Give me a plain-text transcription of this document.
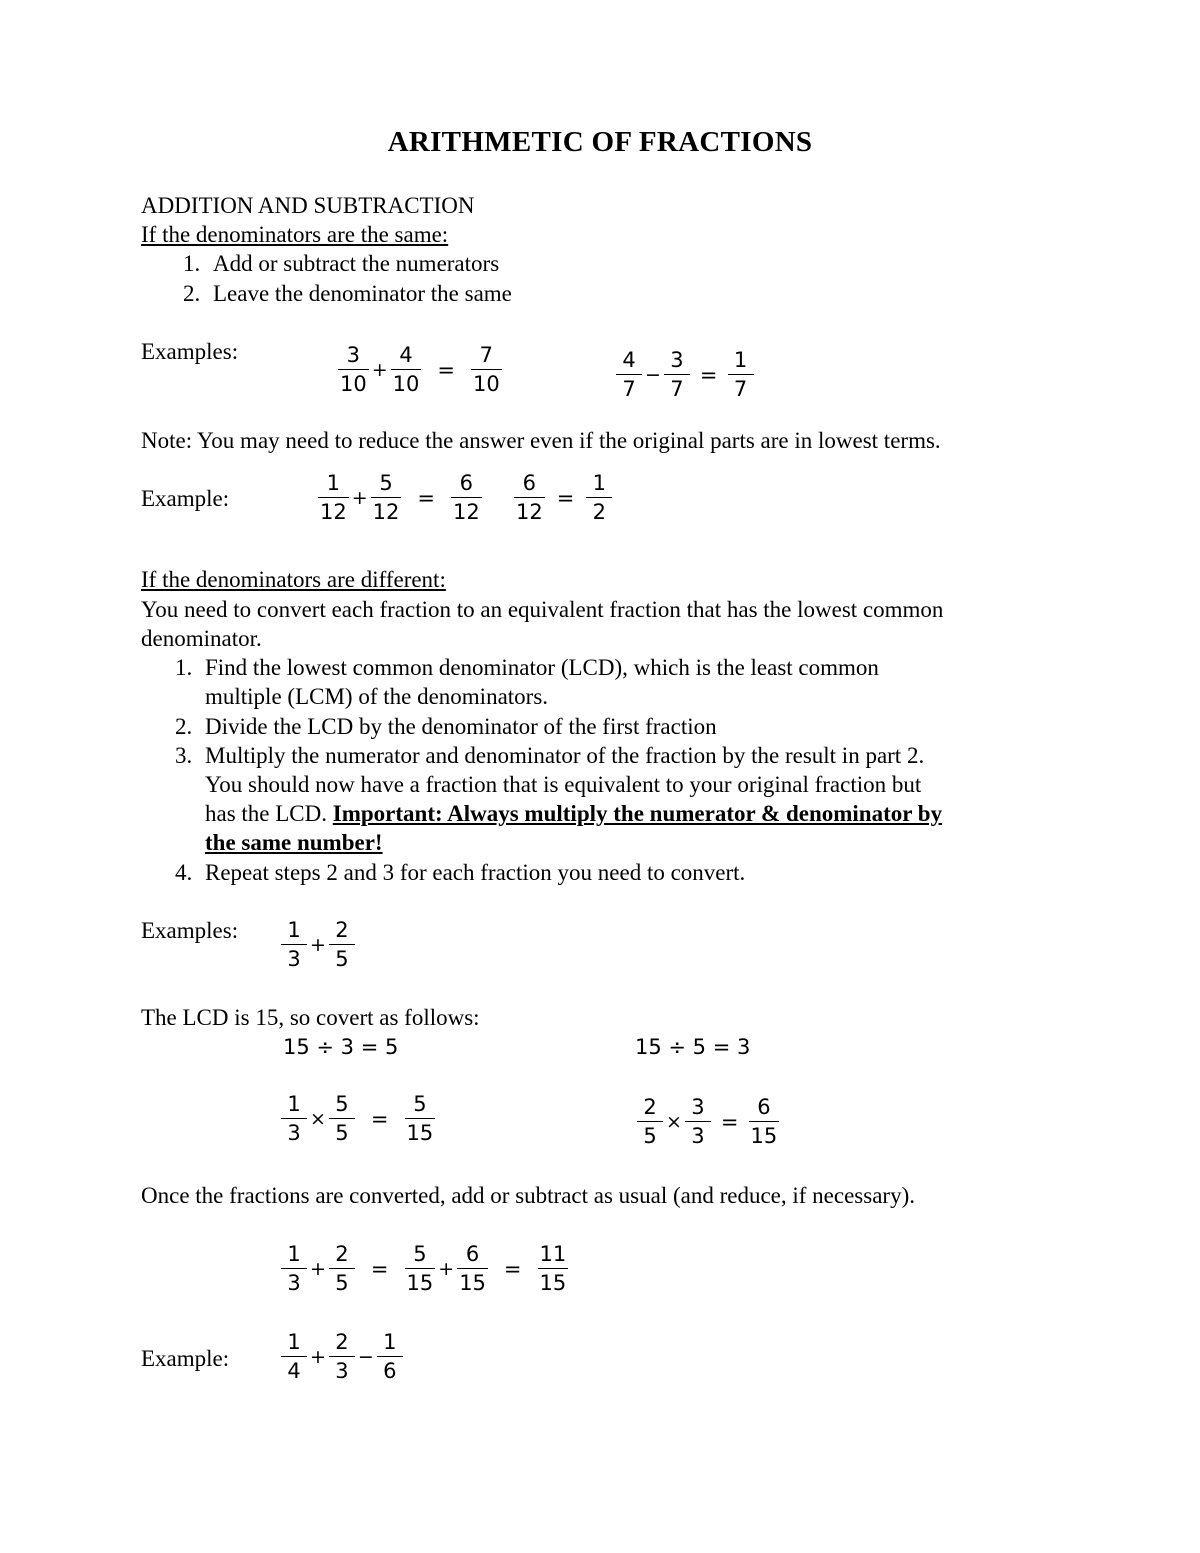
ARITHMETIC OF FRACTIONS
ADDITION AND SUBTRACTION
If the denominators are the same:
1. Add or subtract the numerators
2. Leave the denominator the same
Examples:	$\frac{3}{10} + \frac{4}{10} = \frac{7}{10}$	$\frac{4}{7} - \frac{3}{7} = \frac{1}{7}$
Note: You may need to reduce the answer even if the original parts are in lowest terms.
Example:	$\frac{1}{12} + \frac{5}{12} = \frac{6}{12} \frac{6}{12} = \frac{1}{2}$
If the denominators are different:
You need to convert each fraction to an equivalent fraction that has the lowest common
denominator.
1. Find the lowest common denominator (LCD), which is the least common
multiple (LCM) of the denominators.
2. Divide the LCD by the denominator of the first fraction
3. Multiply the numerator and denominator of the fraction by the result in part 2.
You should now have a fraction that is equivalent to your original fraction but
has the LCD. Important: Always multiply the numerator & denominator by
the same number!
4. Repeat steps 2 and 3 for each fraction you need to convert.
Examples: $\frac{1}{3} + \frac{2}{5}$
The LCD is 15, so covert as follows:
15 ÷ 3 = 5	15 ÷ 5 = 3
$\frac{1}{3} \times \frac{5}{5} = \frac{5}{15}$	$\frac{2}{5} \times \frac{3}{3} = \frac{6}{15}$
Once the fractions are converted, add or subtract as usual (and reduce, if necessary).
$\frac{1}{3} + \frac{2}{5} = \frac{5}{15} + \frac{6}{15} = \frac{11}{15}$
Example: $\frac{1}{4} + \frac{2}{3} - \frac{1}{6}$
